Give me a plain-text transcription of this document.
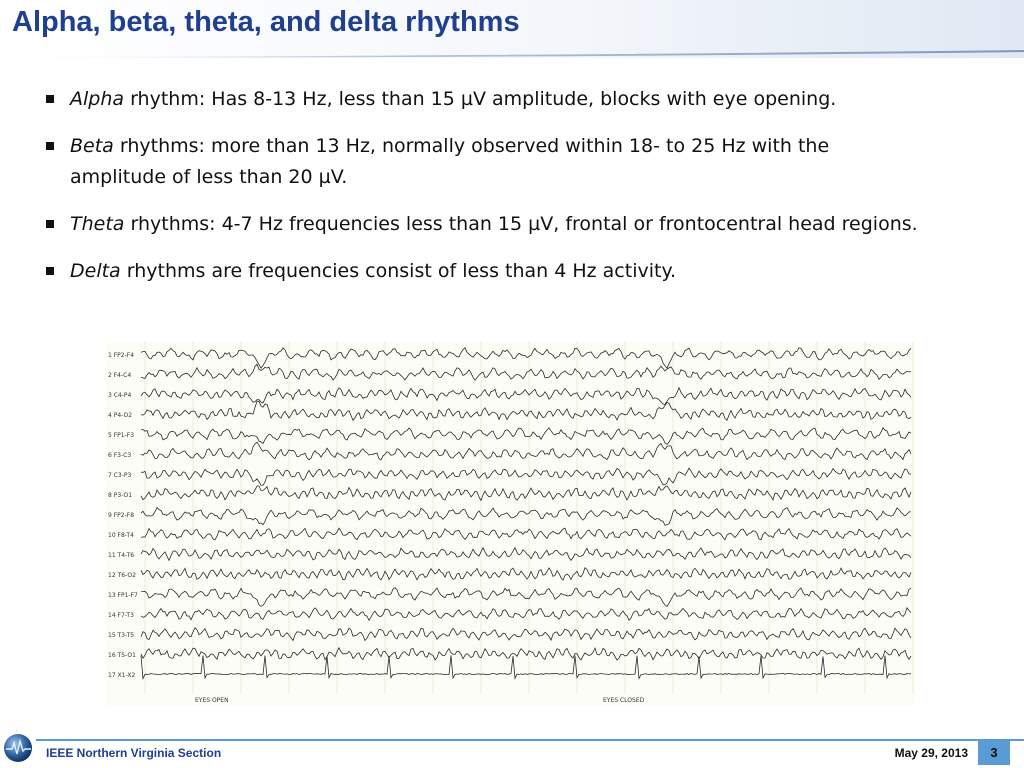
Alpha, beta, theta, and delta rhythms
Alpha rhythm: Has 8-13 Hz, less than 15 µV amplitude, blocks with eye opening.
Beta rhythms: more than 13 Hz, normally observed within 18- to 25 Hz with the amplitude of less than 20 µV.
Theta rhythms: 4-7 Hz frequencies less than 15 µV, frontal or frontocentral head regions.
Delta rhythms are frequencies consist of less than 4 Hz activity.
1 FP2-F4
2 F4-C4
3 C4-P4
4 P4-O2
5 FP1-F3
6 F3-C3
7 C3-P3
8 P3-O1
9 FP2-F8
10 F8-T4
11 T4-T6
12 T6-O2
13 FP1-F7
14 F7-T3
15 T3-T5
16 T5-O1
17 X1-X2
EYES OPEN	EYES CLOSED
IEEE Northern Virginia Section	May 29, 2013	3
